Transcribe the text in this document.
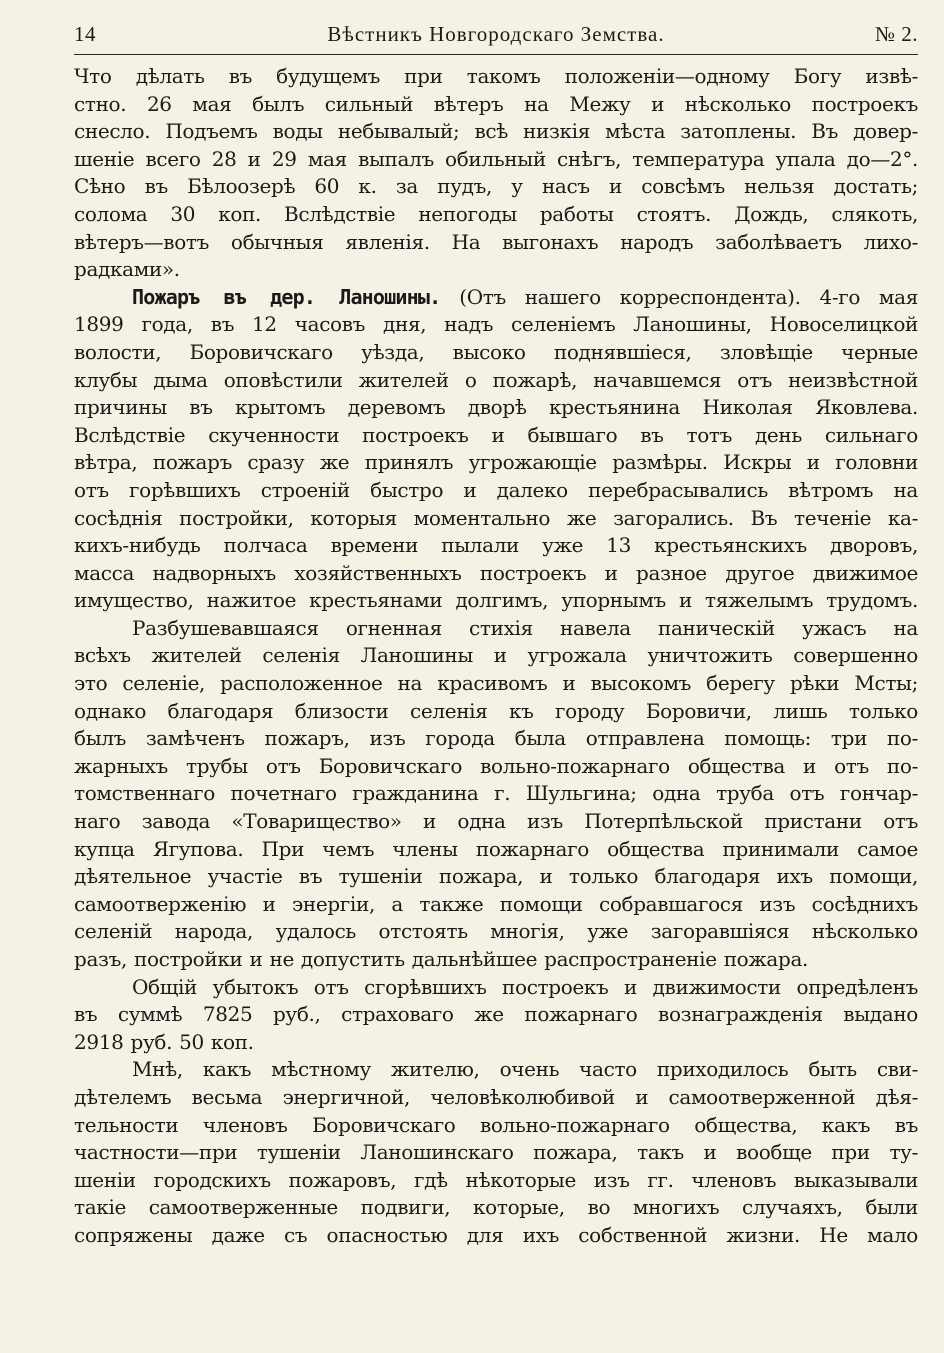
14	Вѣстникъ Новгородскаго Земства.	№ 2.

Что дѣлать въ будущемъ при такомъ положеніи—одному Богу извѣ-

стно. 26 мая былъ сильный вѣтеръ на Межу и нѣсколько построекъ

снесло. Подъемъ воды небывалый; всѣ низкія мѣста затоплены. Въ довер-

шеніе всего 28 и 29 мая выпалъ обильный снѣгъ, температура упала до—2°.

Сѣно въ Бѣлоозерѣ 60 к. за пудъ, у насъ и совсѣмъ нельзя достать;

солома 30 коп. Вслѣдствіе непогоды работы стоятъ. Дождь, слякоть,

вѣтеръ—вотъ обычныя явленія. На выгонахъ народъ заболѣваетъ лихо-

радками».

Пожаръ въ дер. Ланошины. (Отъ нашего корреспондента). 4-го мая

1899 года, въ 12 часовъ дня, надъ селеніемъ Ланошины, Новоселицкой

волости, Боровичскаго уѣзда, высоко поднявшіеся, зловѣщіе черные

клубы дыма оповѣстили жителей о пожарѣ, начавшемся отъ неизвѣстной

причины въ крытомъ деревомъ дворѣ крестьянина Николая Яковлева.

Вслѣдствіе скученности построекъ и бывшаго въ тотъ день сильнаго

вѣтра, пожаръ сразу же принялъ угрожающіе размѣры. Искры и головни

отъ горѣвшихъ строеній быстро и далеко перебрасывались вѣтромъ на

сосѣднія постройки, которыя моментально же загорались. Въ теченіе ка-

кихъ-нибудь полчаса времени пылали уже 13 крестьянскихъ дворовъ,

масса надворныхъ хозяйственныхъ построекъ и разное другое движимое

имущество, нажитое крестьянами долгимъ, упорнымъ и тяжелымъ трудомъ.

Разбушевавшаяся огненная стихія навела паническій ужасъ на

всѣхъ жителей селенія Ланошины и угрожала уничтожить совершенно

это селеніе, расположенное на красивомъ и высокомъ берегу рѣки Мсты;

однако благодаря близости селенія къ городу Боровичи, лишь только

былъ замѣченъ пожаръ, изъ города была отправлена помощь: три по-

жарныхъ трубы отъ Боровичскаго вольно-пожарнаго общества и отъ по-

томственнаго почетнаго гражданина г. Шульгина; одна труба отъ гончар-

наго завода «Товарищество» и одна изъ Потерпѣльской пристани отъ

купца Ягупова. При чемъ члены пожарнаго общества принимали самое

дѣятельное участіе въ тушеніи пожара, и только благодаря ихъ помощи,

самоотверженію и энергіи, а также помощи собравшагося изъ сосѣднихъ

селеній народа, удалось отстоять многія, уже загоравшіяся нѣсколько

разъ, постройки и не допустить дальнѣйшее распространеніе пожара.

Общій убытокъ отъ сгорѣвшихъ построекъ и движимости опредѣленъ

въ суммѣ 7825 руб., страховаго же пожарнаго вознагражденія выдано

2918 руб. 50 коп.

Мнѣ, какъ мѣстному жителю, очень часто приходилось быть сви-

дѣтелемъ весьма энергичной, человѣколюбивой и самоотверженной дѣя-

тельности членовъ Боровичскаго вольно-пожарнаго общества, какъ въ

частности—при тушеніи Ланошинскаго пожара, такъ и вообще при ту-

шеніи городскихъ пожаровъ, гдѣ нѣкоторые изъ гг. членовъ выказывали

такіе самоотверженные подвиги, которые, во многихъ случаяхъ, были

сопряжены даже съ опасностью для ихъ собственной жизни. Не мало
